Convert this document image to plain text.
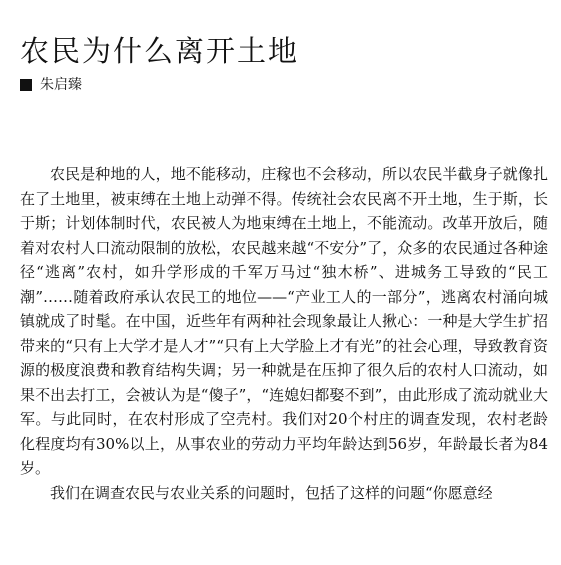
农民为什么离开土地
朱启臻

农民是种地的人，地不能移动，庄稼也不会移动，所以农民半截身子就像扎在了土地里，被束缚在土地上动弹不得。传统社会农民离不开土地，生于斯，长于斯；计划体制时代，农民被人为地束缚在土地上，不能流动。改革开放后，随着对农村人口流动限制的放松，农民越来越“不安分”了，众多的农民通过各种途径“逃离”农村，如升学形成的千军万马过“独木桥”、进城务工导致的“民工潮”……随着政府承认农民工的地位——“产业工人的一部分”，逃离农村涌向城镇就成了时髦。在中国，近些年有两种社会现象最让人揪心：一种是大学生扩招带来的“只有上大学才是人才”“只有上大学脸上才有光”的社会心理，导致教育资源的极度浪费和教育结构失调；另一种就是在压抑了很久后的农村人口流动，如果不出去打工，会被认为是“傻子”，“连媳妇都娶不到”，由此形成了流动就业大军。与此同时，在农村形成了空壳村。我们对20个村庄的调查发现，农村老龄化程度均有30%以上，从事农业的劳动力平均年龄达到56岁，年龄最长者为84岁。

我们在调查农民与农业关系的问题时，包括了这样的问题“你愿意经
